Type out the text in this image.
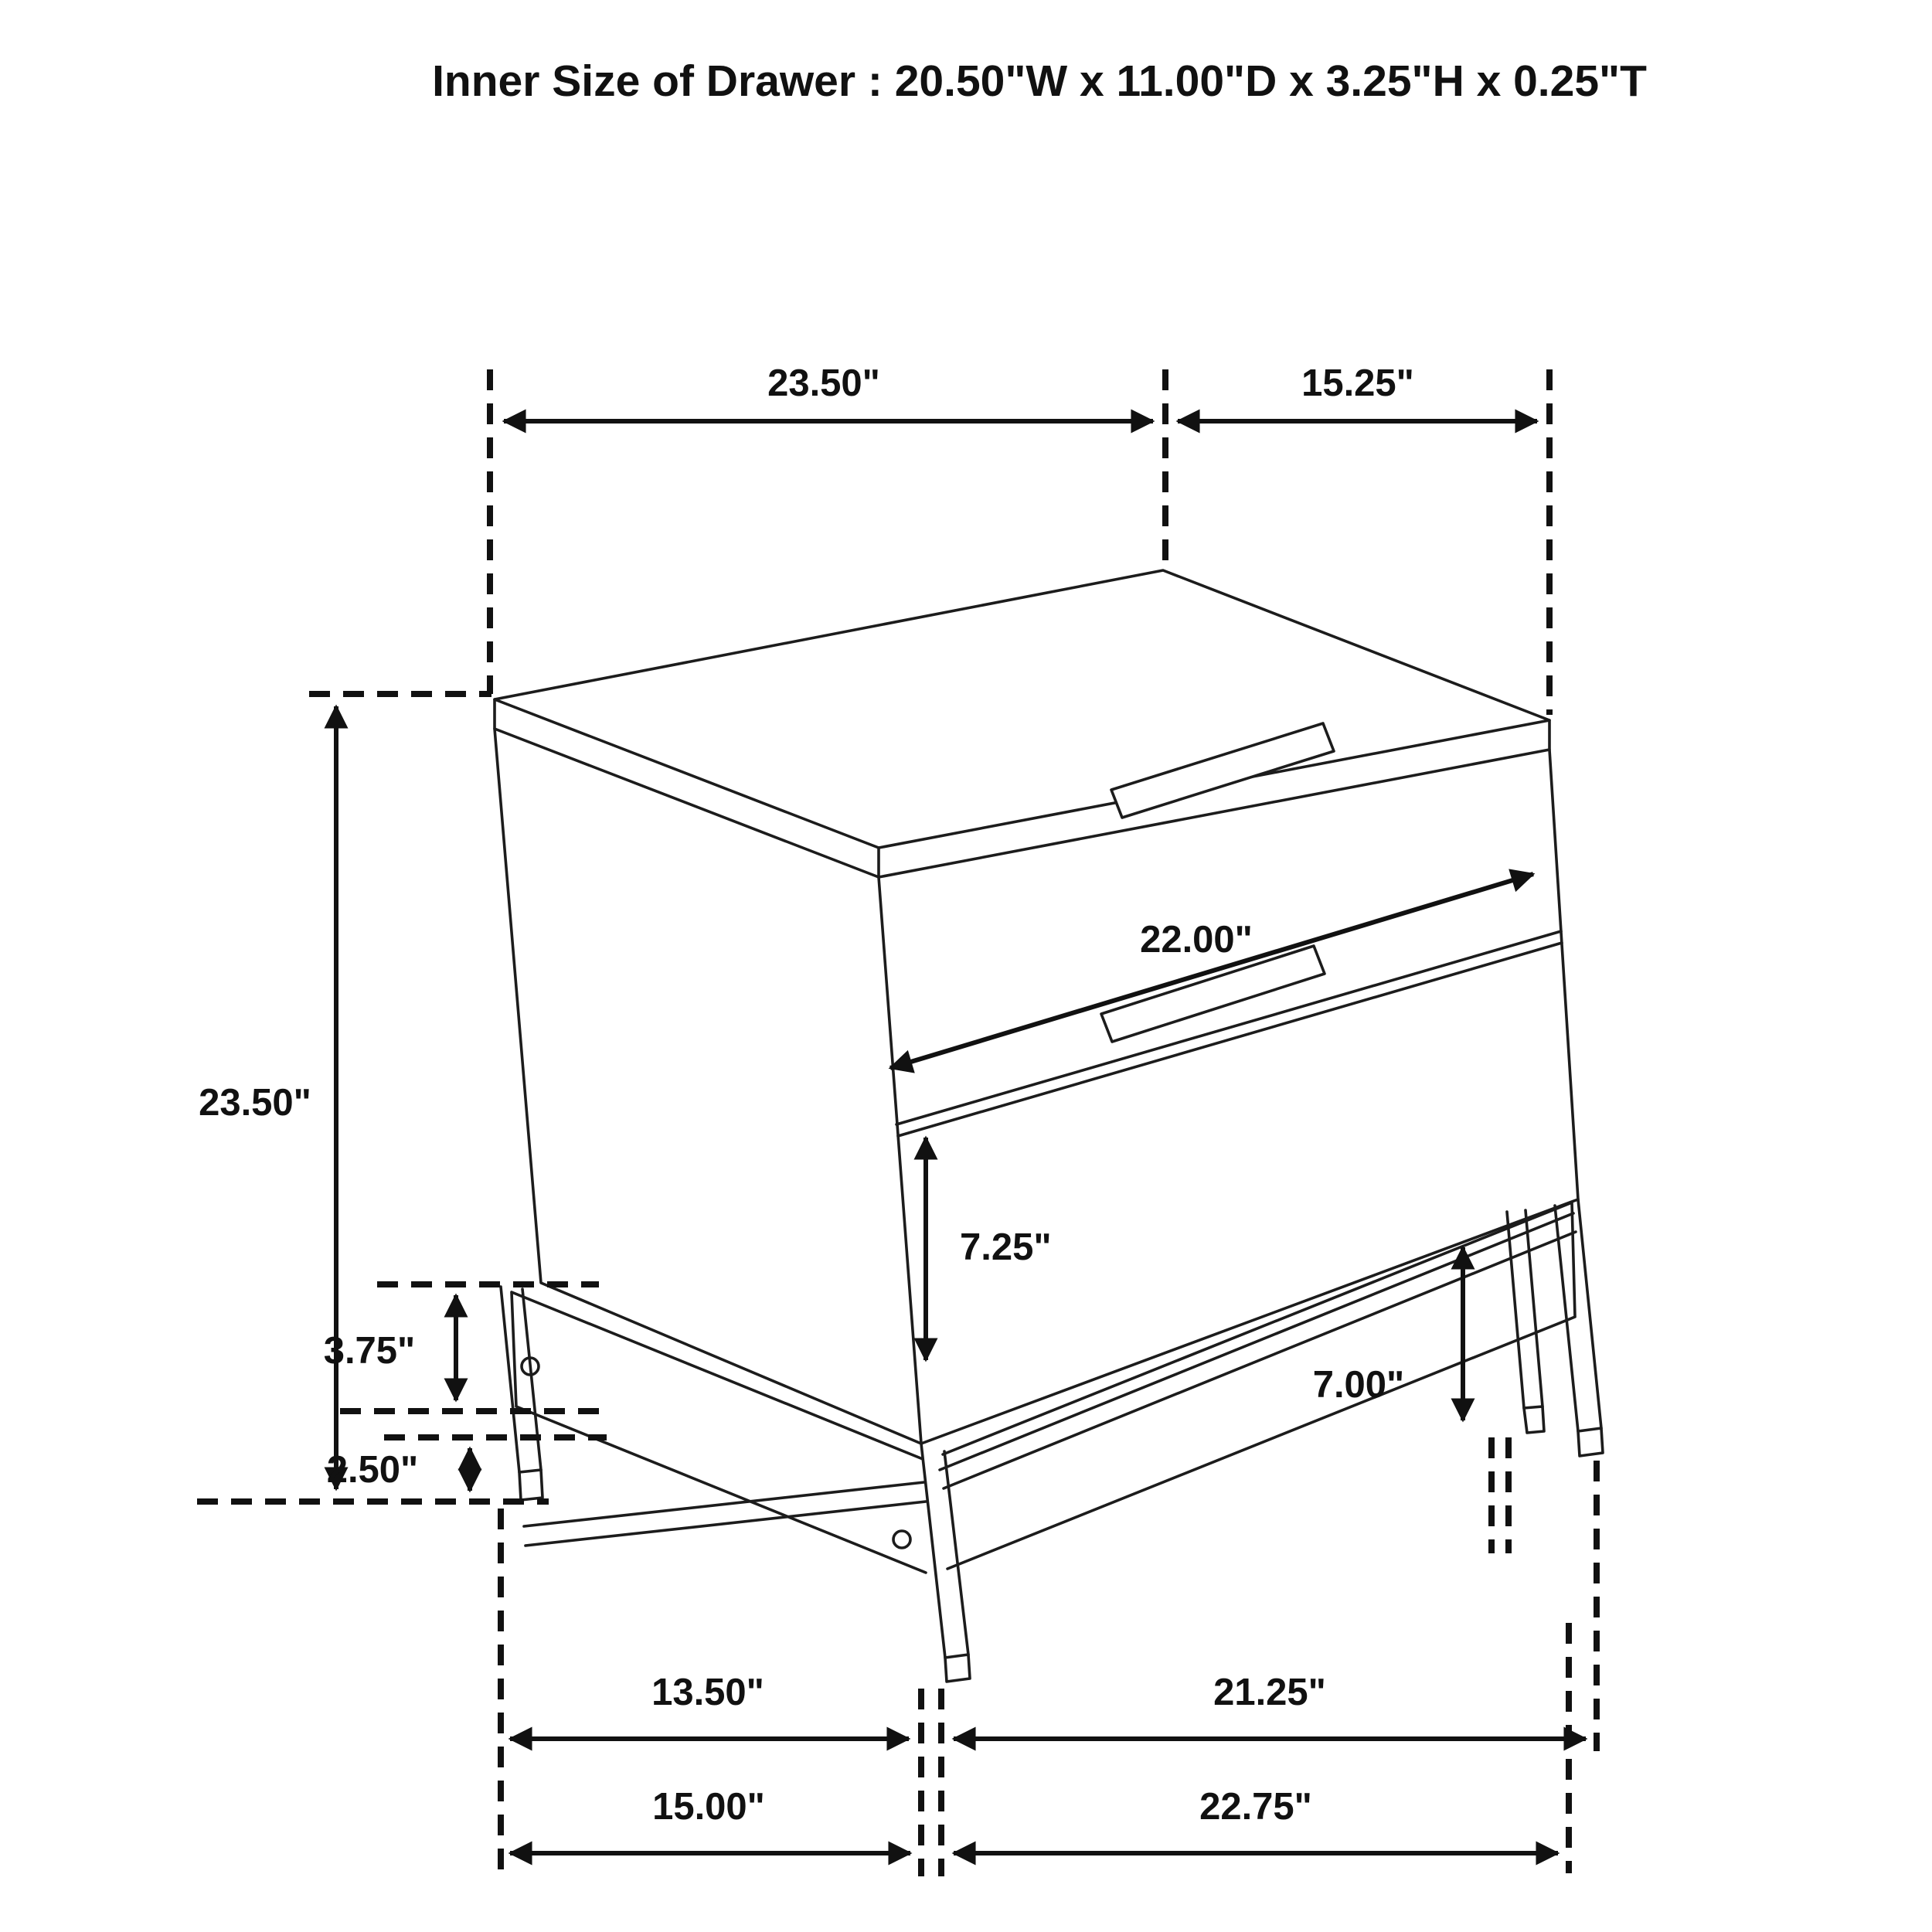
Inner Size of Drawer : 20.50"W x 11.00"D x 3.25"H x 0.25"T
23.50"	15.25"
23.50"
22.00"
7.25"
3.75"
2.50"
7.00"
13.50"	21.25"
15.00"	22.75"
